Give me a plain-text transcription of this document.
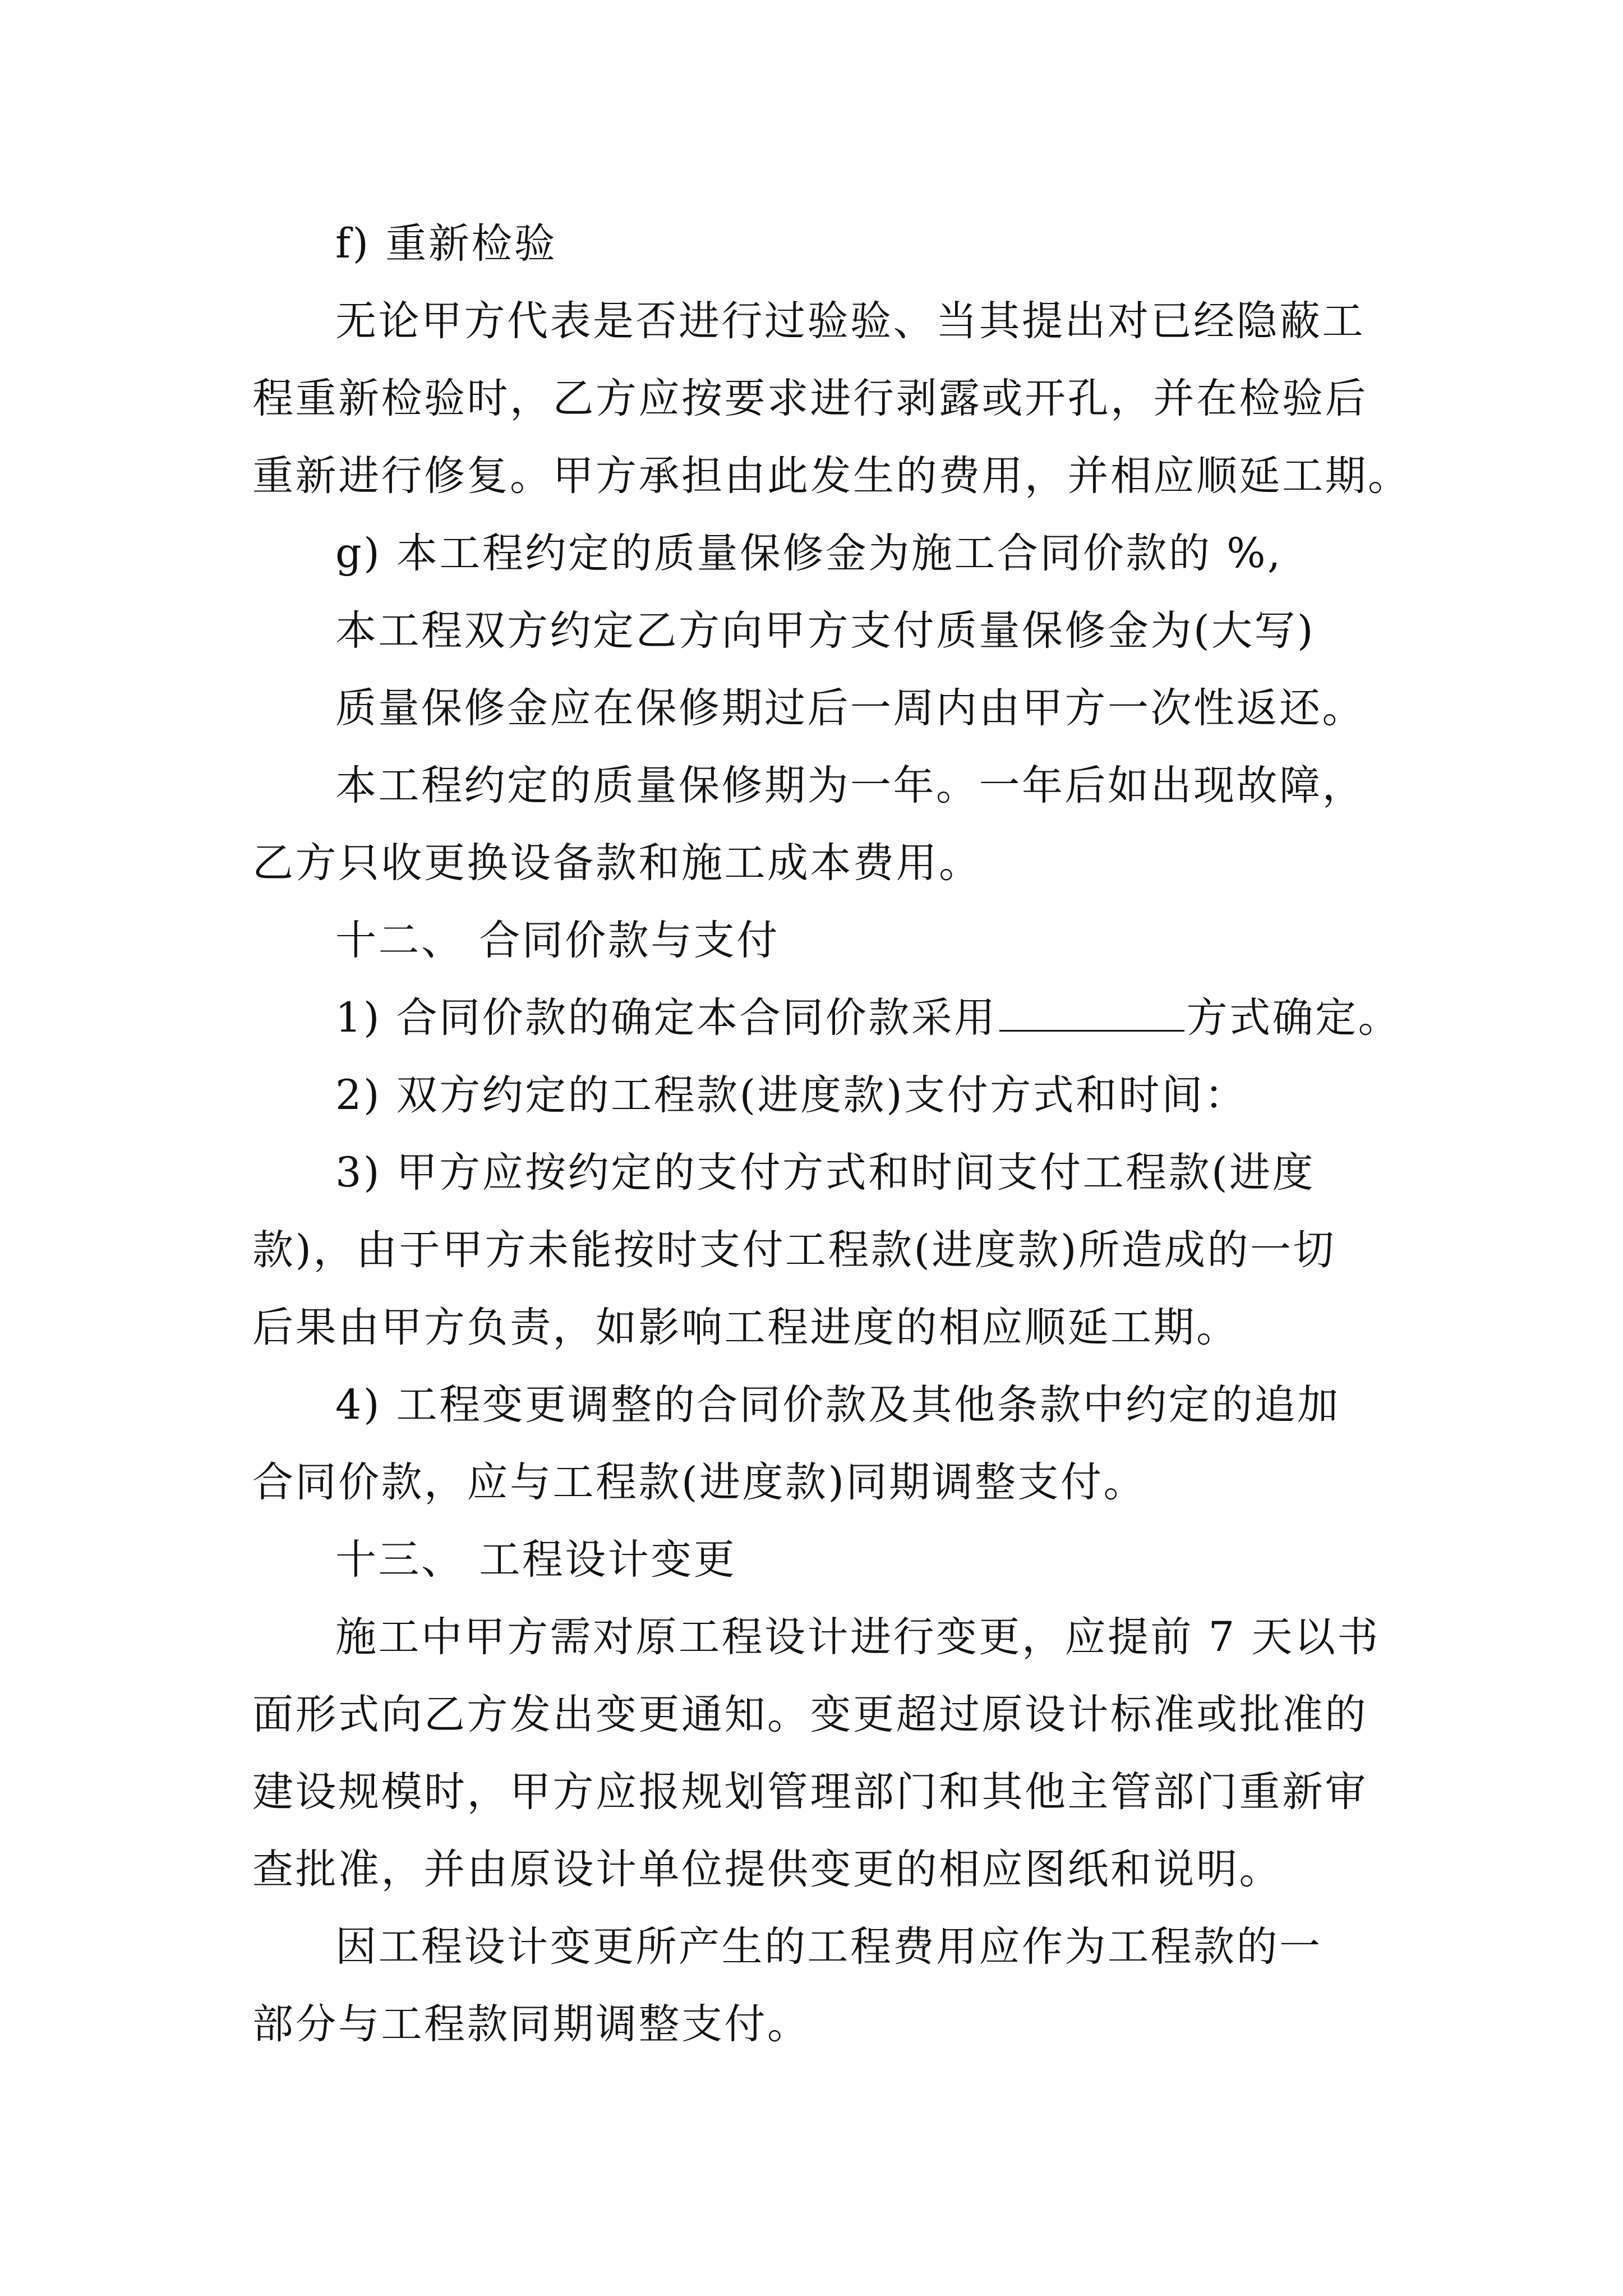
f) 重新检验
无论甲方代表是否进行过验验、当其提出对已经隐蔽工
程重新检验时，乙方应按要求进行剥露或开孔，并在检验后
重新进行修复。甲方承担由此发生的费用，并相应顺延工期。
g) 本工程约定的质量保修金为施工合同价款的 %,
本工程双方约定乙方向甲方支付质量保修金为(大写)
质量保修金应在保修期过后一周内由甲方一次性返还。
本工程约定的质量保修期为一年。一年后如出现故障，
乙方只收更换设备款和施工成本费用。
十二、 合同价款与支付
1) 合同价款的确定本合同价款采用	方式确定。
2) 双方约定的工程款(进度款)支付方式和时间：
3) 甲方应按约定的支付方式和时间支付工程款(进度
款)，由于甲方未能按时支付工程款(进度款)所造成的一切
后果由甲方负责，如影响工程进度的相应顺延工期。
4) 工程变更调整的合同价款及其他条款中约定的追加
合同价款，应与工程款(进度款)同期调整支付。
十三、 工程设计变更
施工中甲方需对原工程设计进行变更，应提前 7 天以书
面形式向乙方发出变更通知。变更超过原设计标准或批准的
建设规模时，甲方应报规划管理部门和其他主管部门重新审
查批准，并由原设计单位提供变更的相应图纸和说明。
因工程设计变更所产生的工程费用应作为工程款的一
部分与工程款同期调整支付。
